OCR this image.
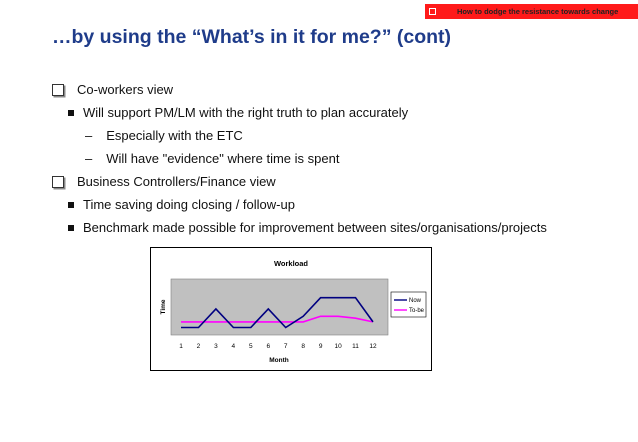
How to dodge the resistance towards change
…by using the “What’s in it for me?” (cont)
Co-workers view
Will support PM/LM with the right truth to plan accurately
– Especially with the ETC
– Will have "evidence" where time is spent
Business Controllers/Finance view
Time saving doing closing / follow-up
Benchmark made possible for improvement between sites/organisations/projects
Workload
Time
Month
1 2 3 4 5 6 7 8 9 10 11 12
Now
To-be
